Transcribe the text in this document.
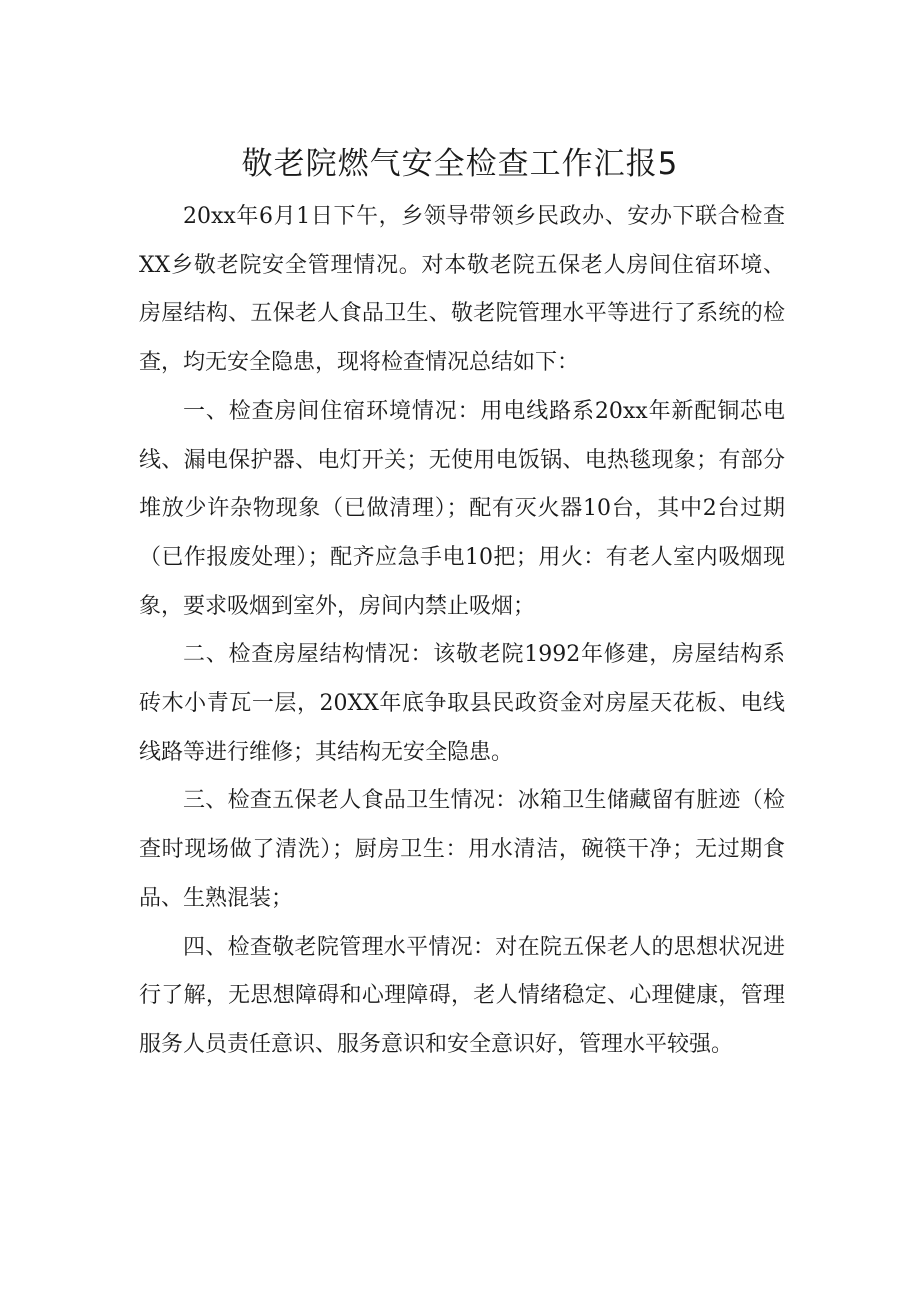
敬老院燃气安全检查工作汇报5

20xx年6月1日下午，乡领导带领乡民政办、安办下联合检查XX乡敬老院安全管理情况。对本敬老院五保老人房间住宿环境、房屋结构、五保老人食品卫生、敬老院管理水平等进行了系统的检查，均无安全隐患，现将检查情况总结如下：

一、检查房间住宿环境情况：用电线路系20xx年新配铜芯电线、漏电保护器、电灯开关；无使用电饭锅、电热毯现象；有部分堆放少许杂物现象（已做清理）；配有灭火器10台，其中2台过期（已作报废处理）；配齐应急手电10把；用火：有老人室内吸烟现象，要求吸烟到室外，房间内禁止吸烟；

二、检查房屋结构情况：该敬老院1992年修建，房屋结构系砖木小青瓦一层，20XX年底争取县民政资金对房屋天花板、电线线路等进行维修；其结构无安全隐患。

三、检查五保老人食品卫生情况：冰箱卫生储藏留有脏迹（检查时现场做了清洗）；厨房卫生：用水清洁，碗筷干净；无过期食品、生熟混装；

四、检查敬老院管理水平情况：对在院五保老人的思想状况进行了解，无思想障碍和心理障碍，老人情绪稳定、心理健康，管理服务人员责任意识、服务意识和安全意识好，管理水平较强。
